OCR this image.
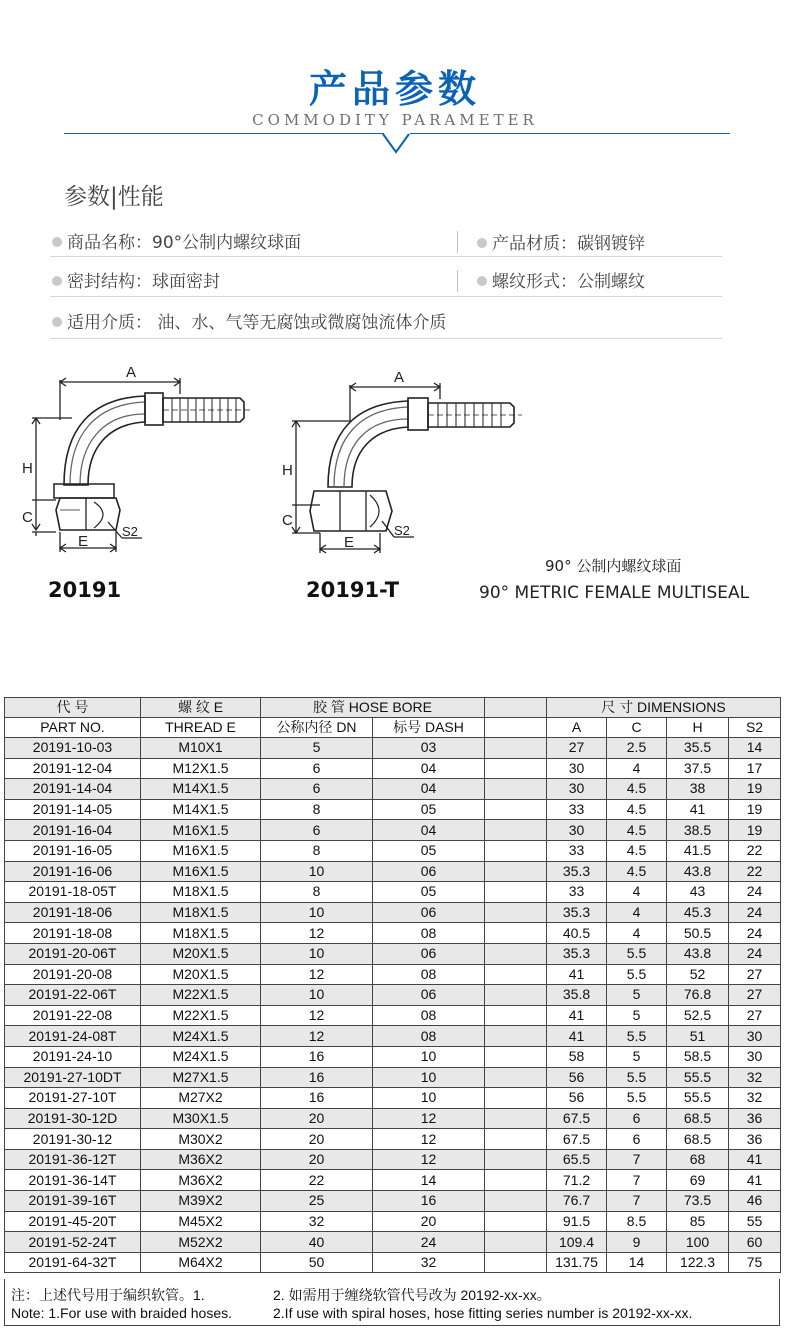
产品参数
COMMODITY PARAMETER
参数|性能
商品名称：90°公制内螺纹球面	产品材质：碳钢镀锌
密封结构：球面密封	螺纹形式：公制螺纹
适用介质： 油、水、气等无腐蚀或微腐蚀流体介质
A
H
C
E
S2
A
H
C
E
S2
20191	20191-T
90° 公制内螺纹球面
90° METRIC FEMALE MULTISEAL
代 号	螺 纹 E	胶 管 HOSE BORE			尺 寸 DIMENSIONS			
PART NO.	THREAD E	公称内径 DN	标号 DASH		A	C	H	S2
20191-10-03	M10X1	5	03		27	2.5	35.5	14
20191-12-04	M12X1.5	6	04		30	4	37.5	17
20191-14-04	M14X1.5	6	04		30	4.5	38	19
20191-14-05	M14X1.5	8	05		33	4.5	41	19
20191-16-04	M16X1.5	6	04		30	4.5	38.5	19
20191-16-05	M16X1.5	8	05		33	4.5	41.5	22
20191-16-06	M16X1.5	10	06		35.3	4.5	43.8	22
20191-18-05T	M18X1.5	8	05		33	4	43	24
20191-18-06	M18X1.5	10	06		35.3	4	45.3	24
20191-18-08	M18X1.5	12	08		40.5	4	50.5	24
20191-20-06T	M20X1.5	10	06		35.3	5.5	43.8	24
20191-20-08	M20X1.5	12	08		41	5.5	52	27
20191-22-06T	M22X1.5	10	06		35.8	5	76.8	27
20191-22-08	M22X1.5	12	08		41	5	52.5	27
20191-24-08T	M24X1.5	12	08		41	5.5	51	30
20191-24-10	M24X1.5	16	10		58	5	58.5	30
20191-27-10DT	M27X1.5	16	10		56	5.5	55.5	32
20191-27-10T	M27X2	16	10		56	5.5	55.5	32
20191-30-12D	M30X1.5	20	12		67.5	6	68.5	36
20191-30-12	M30X2	20	12		67.5	6	68.5	36
20191-36-12T	M36X2	20	12		65.5	7	68	41
20191-36-14T	M36X2	22	14		71.2	7	69	41
20191-39-16T	M39X2	25	16		76.7	7	73.5	46
20191-45-20T	M45X2	32	20		91.5	8.5	85	55
20191-52-24T	M52X2	40	24		109.4	9	100	60
20191-64-32T	M64X2	50	32		131.75	14	122.3	75
注：上述代号用于编织软管。1.	2. 如需用于缠绕软管代号改为 20192-xx-xx。
Note: 1.For use with braided hoses.	2.If use with spiral hoses, hose fitting series number is 20192-xx-xx.
